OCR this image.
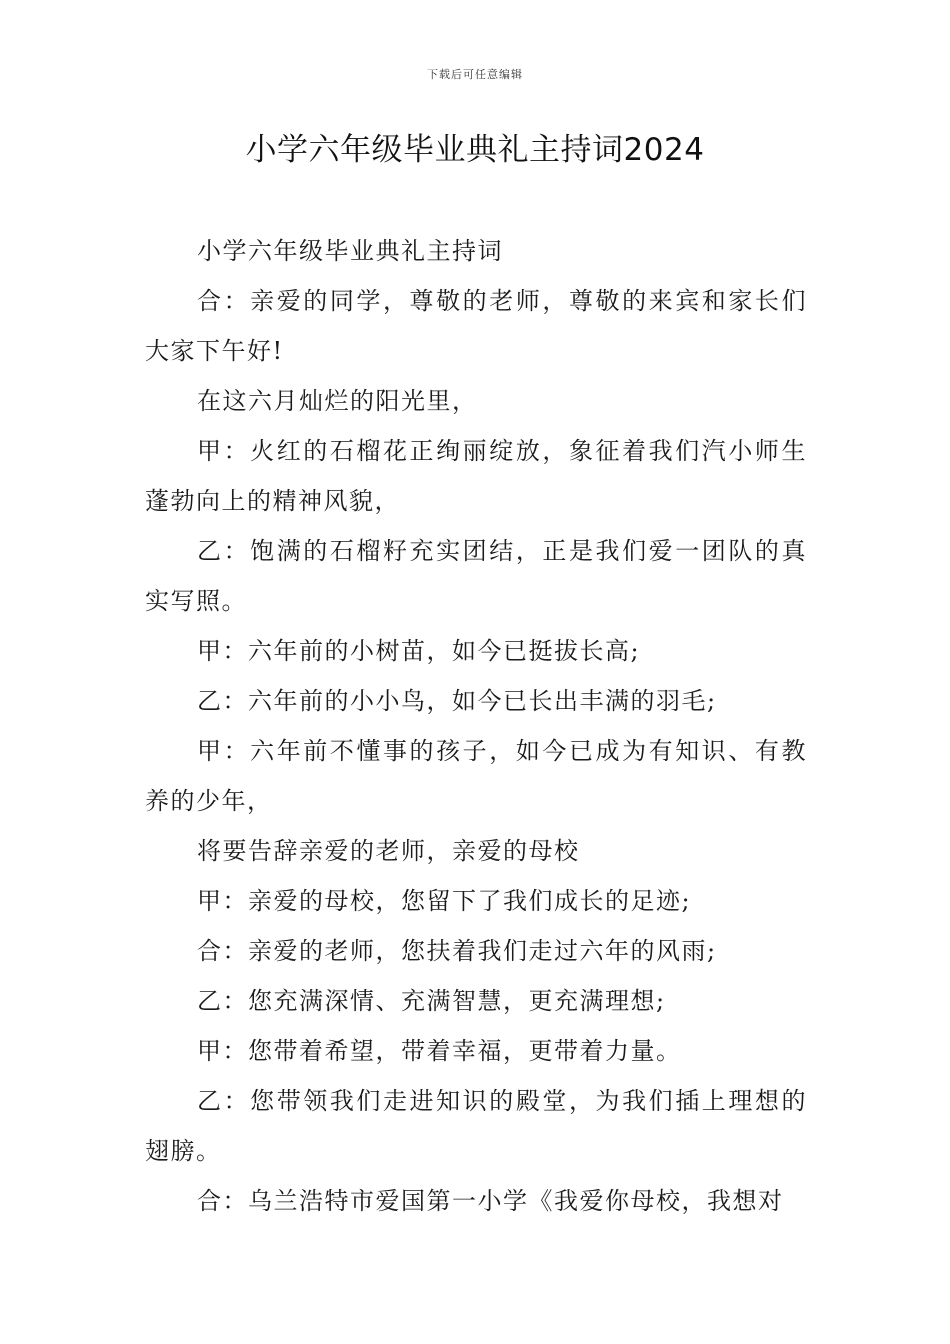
下载后可任意编辑
小学六年级毕业典礼主持词2024

小学六年级毕业典礼主持词

合：亲爱的同学，尊敬的老师，尊敬的来宾和家长们大家下午好!

在这六月灿烂的阳光里，

甲：火红的石榴花正绚丽绽放，象征着我们汽小师生蓬勃向上的精神风貌，

乙：饱满的石榴籽充实团结，正是我们爱一团队的真实写照。

甲：六年前的小树苗，如今已挺拔长高;

乙：六年前的小小鸟，如今已长出丰满的羽毛;

甲：六年前不懂事的孩子，如今已成为有知识、有教养的少年，

将要告辞亲爱的老师，亲爱的母校

甲：亲爱的母校，您留下了我们成长的足迹;

合：亲爱的老师，您扶着我们走过六年的风雨;

乙：您充满深情、充满智慧，更充满理想;

甲：您带着希望，带着幸福，更带着力量。

乙：您带领我们走进知识的殿堂，为我们插上理想的翅膀。

合：乌兰浩特市爱国第一小学《我爱你母校，我想对
